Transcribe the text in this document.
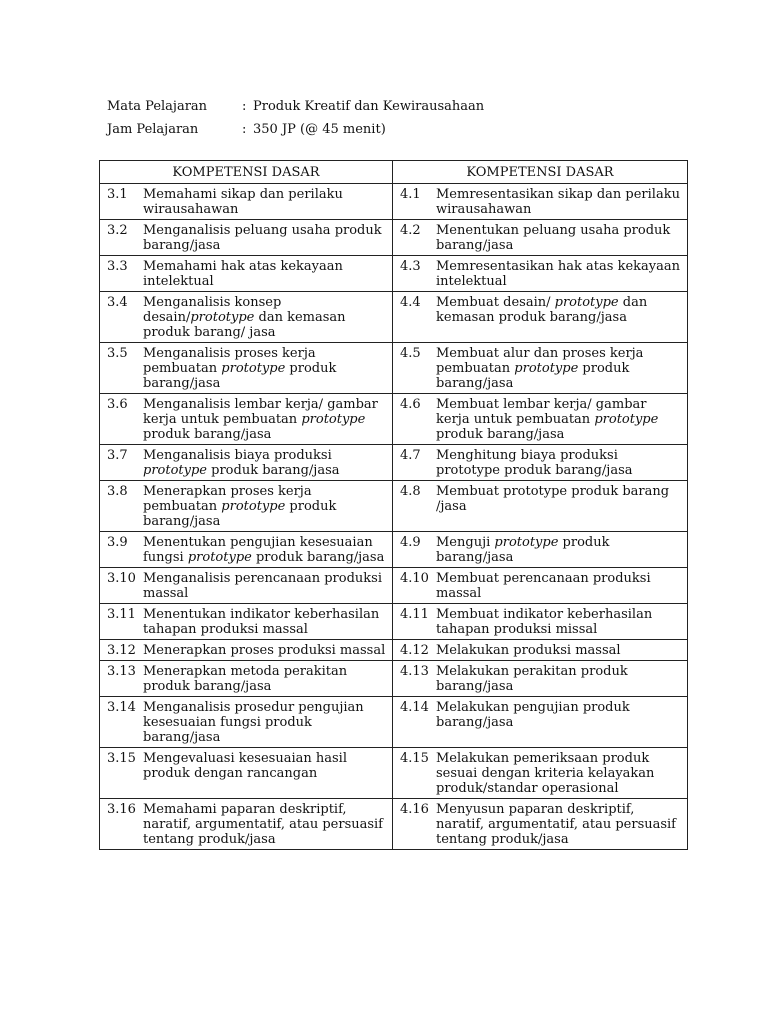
Mata Pelajaran	: Produk Kreatif dan Kewirausahaan
Jam Pelajaran	: 350 JP (@ 45 menit)
KOMPETENSI DASAR	KOMPETENSI DASAR

3.1 Memahami sikap dan perilaku wirausahawan	4.1 Memresentasikan sikap dan perilaku wirausahawan

3.2 Menganalisis peluang usaha produk barang/jasa	4.2 Menentukan peluang usaha produk barang/jasa

3.3 Memahami hak atas kekayaan intelektual	4.3 Memresentasikan hak atas kekayaan intelektual

3.4 Menganalisis konsep desain/prototype dan kemasan produk barang/ jasa	4.4 Membuat desain/ prototype dan kemasan produk barang/jasa

3.5 Menganalisis proses kerja pembuatan prototype produk barang/jasa	4.5 Membuat alur dan proses kerja pembuatan prototype produk barang/jasa

3.6 Menganalisis lembar kerja/ gambar kerja untuk pembuatan prototype produk barang/jasa	4.6 Membuat lembar kerja/ gambar kerja untuk pembuatan prototype produk barang/jasa

3.7 Menganalisis biaya produksi prototype produk barang/jasa	4.7 Menghitung biaya produksi prototype produk barang/jasa

3.8 Menerapkan proses kerja pembuatan prototype produk barang/jasa	4.8 Membuat prototype produk barang /jasa

3.9 Menentukan pengujian kesesuaian fungsi prototype produk barang/jasa	4.9 Menguji prototype produk barang/jasa

3.10 Menganalisis perencanaan produksi massal	4.10 Membuat perencanaan produksi massal

3.11 Menentukan indikator keberhasilan tahapan produksi massal	4.11 Membuat indikator keberhasilan tahapan produksi missal

3.12 Menerapkan proses produksi massal	4.12 Melakukan produksi massal

3.13 Menerapkan metoda perakitan produk barang/jasa	4.13 Melakukan perakitan produk barang/jasa

3.14 Menganalisis prosedur pengujian kesesuaian fungsi produk barang/jasa	4.14 Melakukan pengujian produk barang/jasa

3.15 Mengevaluasi kesesuaian hasil produk dengan rancangan	4.15 Melakukan pemeriksaan produk sesuai dengan kriteria kelayakan produk/standar operasional

3.16 Memahami paparan deskriptif, naratif, argumentatif, atau persuasif tentang produk/jasa	4.16 Menyusun paparan deskriptif, naratif, argumentatif, atau persuasif tentang produk/jasa
